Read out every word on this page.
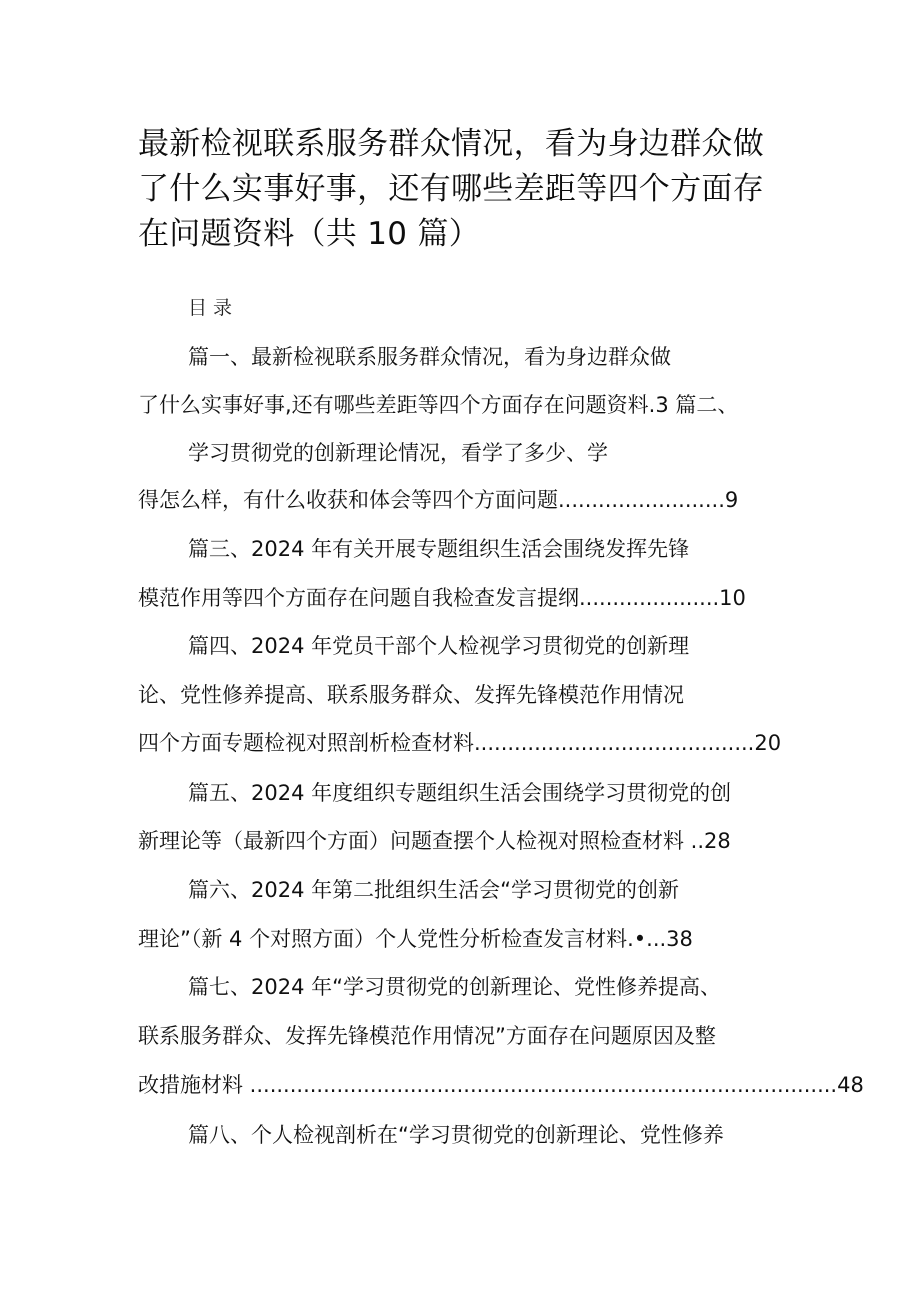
最新检视联系服务群众情况，看为身边群众做
了什么实事好事，还有哪些差距等四个方面存
在问题资料（共 10 篇）
目录
篇一、最新检视联系服务群众情况，看为身边群众做
了什么实事好事,还有哪些差距等四个方面存在问题资料.3 篇二、
学习贯彻党的创新理论情况，看学了多少、学
得怎么样，有什么收获和体会等四个方面问题.........................9
篇三、2024 年有关开展专题组织生活会围绕发挥先锋
模范作用等四个方面存在问题自我检查发言提纲.....................10
篇四、2024 年党员干部个人检视学习贯彻党的创新理
论、党性修养提高、联系服务群众、发挥先锋模范作用情况
四个方面专题检视对照剖析检查材料..........................................20
篇五、2024 年度组织专题组织生活会围绕学习贯彻党的创
新理论等（最新四个方面）问题查摆个人检视对照检查材料 ..28
篇六、2024 年第二批组织生活会“学习贯彻党的创新
理论”（新 4 个对照方面）个人党性分析检查发言材料.•...38
篇七、2024 年“学习贯彻党的创新理论、党性修养提高、
联系服务群众、发挥先锋模范作用情况”方面存在问题原因及整
改措施材料 ........................................................................................48
篇八、个人检视剖析在“学习贯彻党的创新理论、党性修养
